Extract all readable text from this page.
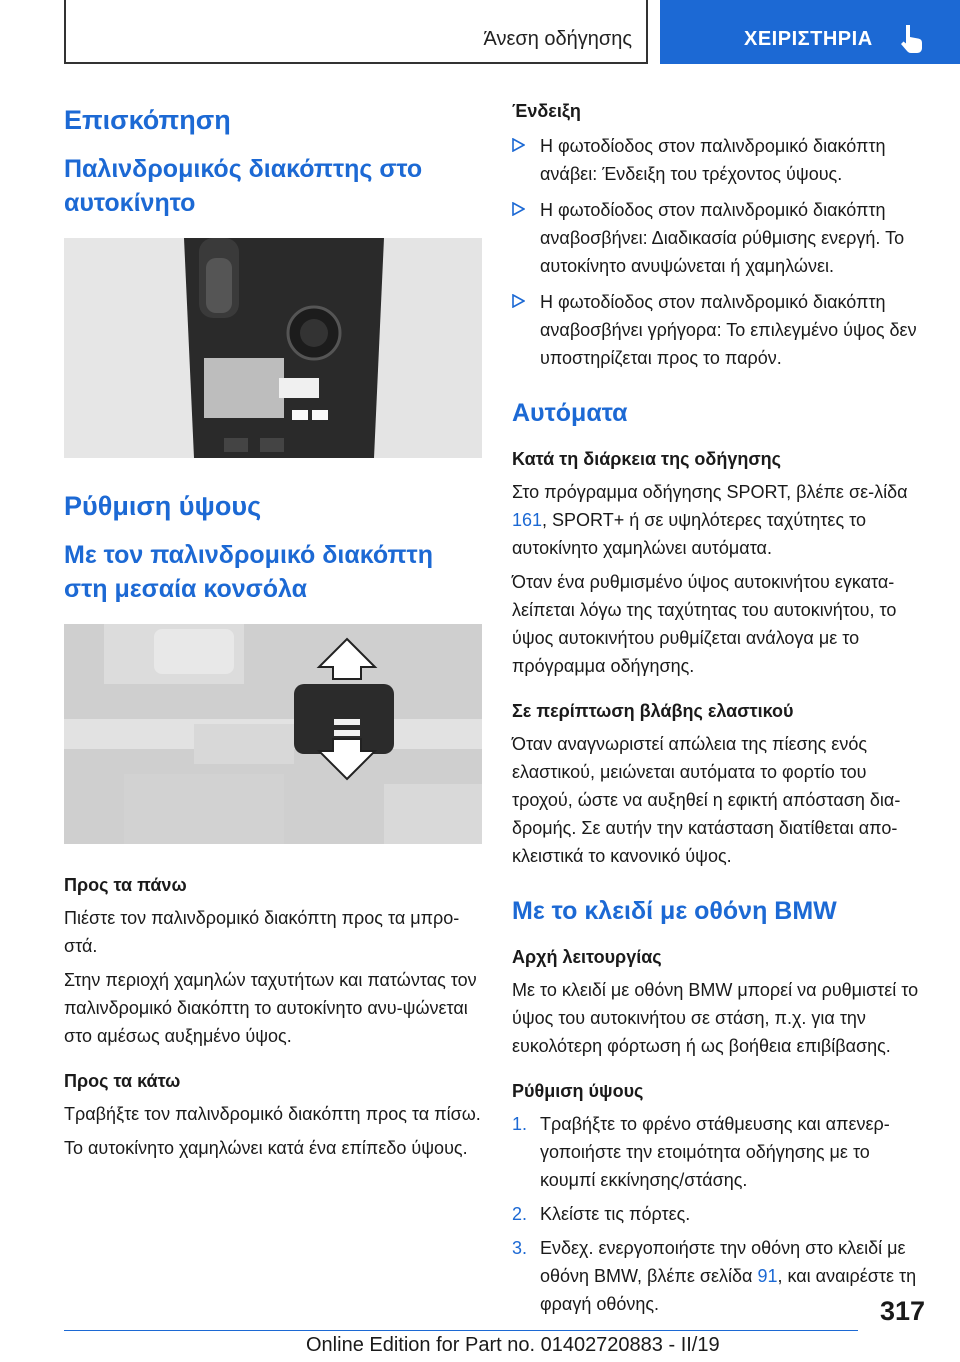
Άνεση οδήγησης	ΧΕΙΡΙΣΤΗΡΙΑ
Επισκόπηση
Παλινδρομικός διακόπτης στο αυτοκίνητο
Ρύθμιση ύψους
Με τον παλινδρομικό διακόπτη στη μεσαία κονσόλα
Προς τα πάνω

Πιέστε τον παλινδρομικό διακόπτη προς τα μπρο-στά.

Στην περιοχή χαμηλών ταχυτήτων και πατώντας τον παλινδρομικό διακόπτη το αυτοκίνητο ανυ-ψώνεται στο αμέσως αυξημένο ύψος.

Προς τα κάτω

Τραβήξτε τον παλινδρομικό διακόπτη προς τα πίσω.

Το αυτοκίνητο χαμηλώνει κατά ένα επίπεδο ύψους.

Ένδειξη
Η φωτοδίοδος στον παλινδρομικό διακόπτη ανάβει: Ένδειξη του τρέχοντος ύψους.
Η φωτοδίοδος στον παλινδρομικό διακόπτη αναβοσβήνει: Διαδικασία ρύθμισης ενεργή. Το αυτοκίνητο ανυψώνεται ή χαμηλώνει.
Η φωτοδίοδος στον παλινδρομικό διακόπτη αναβοσβήνει γρήγορα: Το επιλεγμένο ύψος δεν υποστηρίζεται προς το παρόν.
Αυτόματα
Κατά τη διάρκεια της οδήγησης

Στο πρόγραμμα οδήγησης SPORT, βλέπε σε-λίδα 161, SPORT+ ή σε υψηλότερες ταχύτητες το αυτοκίνητο χαμηλώνει αυτόματα.

Όταν ένα ρυθμισμένο ύψος αυτοκινήτου εγκατα-λείπεται λόγω της ταχύτητας του αυτοκινήτου, το ύψος αυτοκινήτου ρυθμίζεται ανάλογα με το πρόγραμμα οδήγησης.

Σε περίπτωση βλάβης ελαστικού

Όταν αναγνωριστεί απώλεια της πίεσης ενός ελαστικού, μειώνεται αυτόματα το φορτίο του τροχού, ώστε να αυξηθεί η εφικτή απόσταση δια-δρομής. Σε αυτήν την κατάσταση διατίθεται απο-κλειστικά το κανονικό ύψος.

Με το κλειδί με οθόνη BMW
Αρχή λειτουργίας

Με το κλειδί με οθόνη BMW μπορεί να ρυθμιστεί το ύψος του αυτοκινήτου σε στάση, π.χ. για την ευκολότερη φόρτωση ή ως βοήθεια επιβίβασης.

Ρύθμιση ύψους
1. Τραβήξτε το φρένο στάθμευσης και απενερ-γοποιήστε την ετοιμότητα οδήγησης με το κουμπί εκκίνησης/στάσης.
2. Κλείστε τις πόρτες.
3. Ενδεχ. ενεργοποιήστε την οθόνη στο κλειδί με οθόνη BMW, βλέπε σελίδα 91, και αναιρέστε τη φραγή οθόνης.	317
Online Edition for Part no. 01402720883 - II/19
